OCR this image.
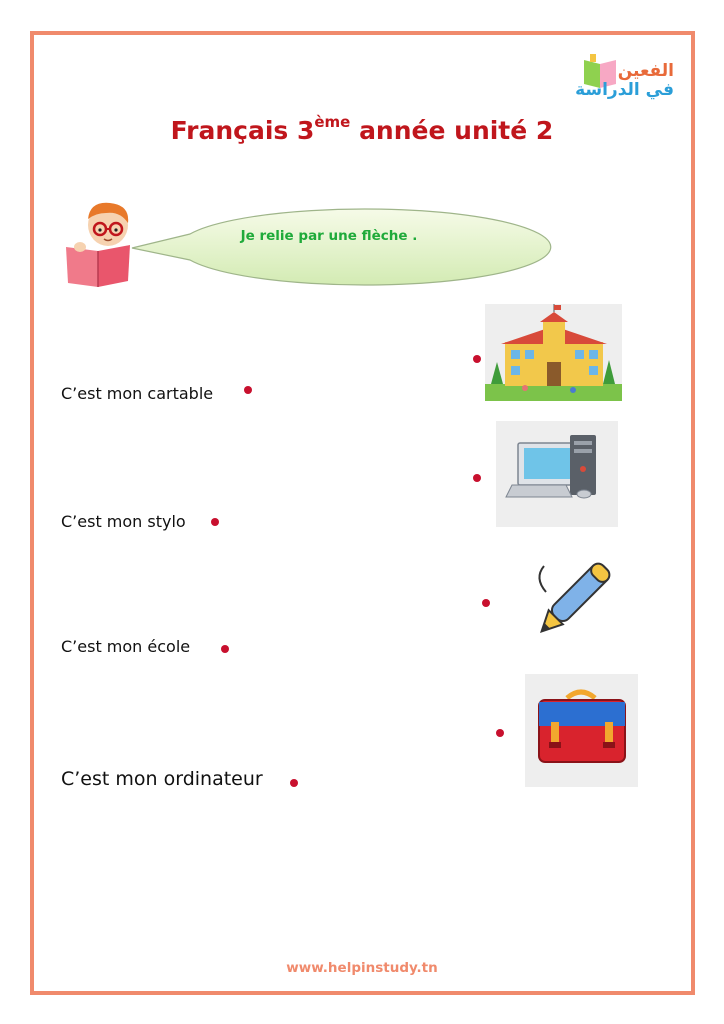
الفعين
في الدراسة
Français 3ème année unité 2
Je relie par une flèche .
C’est mon cartable
C’est mon stylo
C’est mon école
C’est mon ordinateur
www.helpinstudy.tn
